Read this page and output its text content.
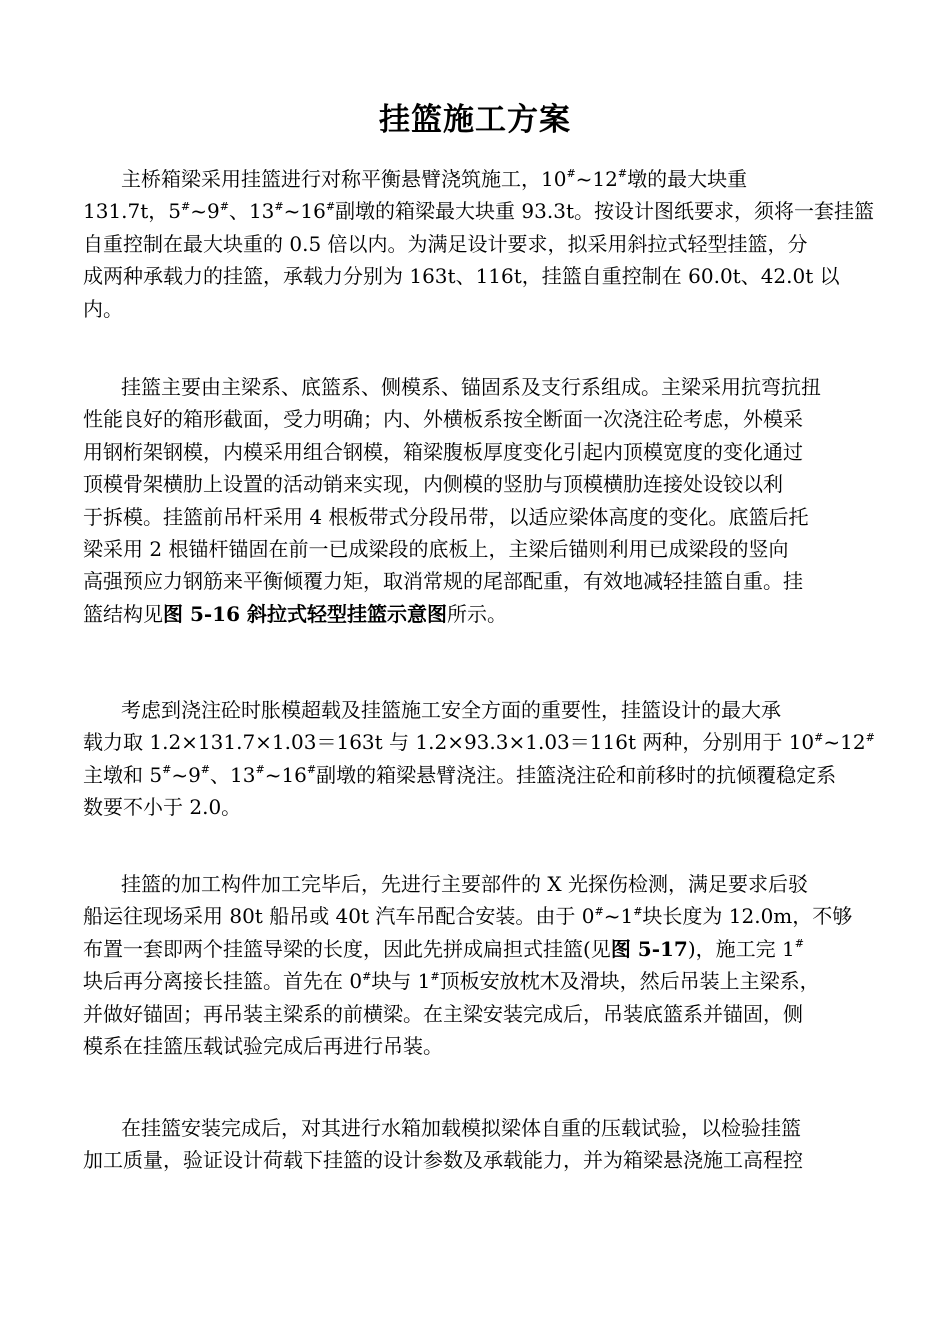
挂篮施工方案
主桥箱梁采用挂篮进行对称平衡悬臂浇筑施工，10#~12#墩的最大块重
131.7t，5#~9#、13#~16#副墩的箱梁最大块重 93.3t。按设计图纸要求，须将一套挂篮
自重控制在最大块重的 0.5 倍以内。为满足设计要求，拟采用斜拉式轻型挂篮，分
成两种承载力的挂篮，承载力分别为 163t、116t，挂篮自重控制在 60.0t、42.0t 以
内。
挂篮主要由主梁系、底篮系、侧模系、锚固系及支行系组成。主梁采用抗弯抗扭
性能良好的箱形截面，受力明确；内、外横板系按全断面一次浇注砼考虑，外模采
用钢桁架钢模，内模采用组合钢模，箱梁腹板厚度变化引起内顶模宽度的变化通过
顶模骨架横肋上设置的活动销来实现，内侧模的竖肋与顶模横肋连接处设铰以利
于拆模。挂篮前吊杆采用 4 根板带式分段吊带，以适应梁体高度的变化。底篮后托
梁采用 2 根锚杆锚固在前一已成梁段的底板上，主梁后锚则利用已成梁段的竖向
高强预应力钢筋来平衡倾覆力矩，取消常规的尾部配重，有效地减轻挂篮自重。挂
篮结构见图 5-16 斜拉式轻型挂篮示意图所示。
考虑到浇注砼时胀模超载及挂篮施工安全方面的重要性，挂篮设计的最大承
载力取 1.2×131.7×1.03＝163t 与 1.2×93.3×1.03＝116t 两种，分别用于 10#~12#
主墩和 5#~9#、13#~16#副墩的箱梁悬臂浇注。挂篮浇注砼和前移时的抗倾覆稳定系
数要不小于 2.0。
挂篮的加工构件加工完毕后，先进行主要部件的 X 光探伤检测，满足要求后驳
船运往现场采用 80t 船吊或 40t 汽车吊配合安装。由于 0#~1#块长度为 12.0m，不够
布置一套即两个挂篮导梁的长度，因此先拼成扁担式挂篮(见图 5-17)，施工完 1#
块后再分离接长挂篮。首先在 0#块与 1#顶板安放枕木及滑块，然后吊装上主梁系，
并做好锚固；再吊装主梁系的前横梁。在主梁安装完成后，吊装底篮系并锚固，侧
模系在挂篮压载试验完成后再进行吊装。
在挂篮安装完成后，对其进行水箱加载模拟梁体自重的压载试验，以检验挂篮
加工质量，验证设计荷载下挂篮的设计参数及承载能力，并为箱梁悬浇施工高程控
